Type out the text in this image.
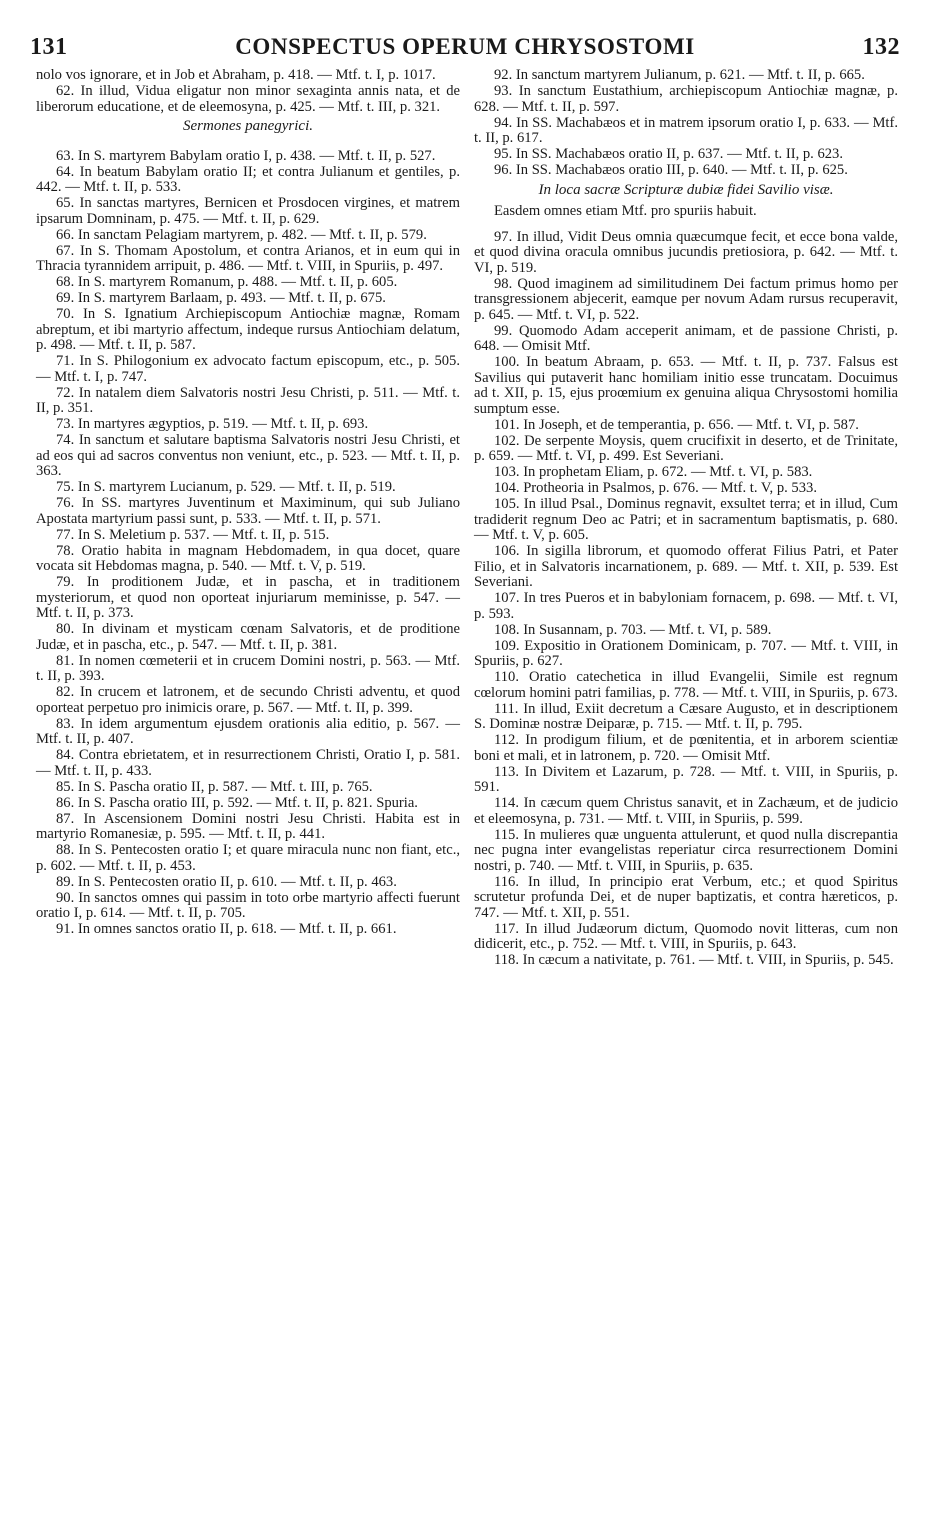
131	CONSPECTUS OPERUM CHRYSOSTOMI	132

nolo vos ignorare, et in Job et Abraham, p. 418. — Mtf. t. I, p. 1017.

62. In illud, Vidua eligatur non minor sexaginta annis nata, et de liberorum educatione, et de eleemosyna, p. 425. — Mtf. t. III, p. 321.

Sermones panegyrici.

63. In S. martyrem Babylam oratio I, p. 438. — Mtf. t. II, p. 527.

64. In beatum Babylam oratio II; et contra Julianum et gentiles, p. 442. — Mtf. t. II, p. 533.

65. In sanctas martyres, Bernicen et Prosdocen virgines, et matrem ipsarum Domninam, p. 475. — Mtf. t. II, p. 629.

66. In sanctam Pelagiam martyrem, p. 482. — Mtf. t. II, p. 579.

67. In S. Thomam Apostolum, et contra Arianos, et in eum qui in Thracia tyrannidem arripuit, p. 486. — Mtf. t. VIII, in Spuriis, p. 497.

68. In S. martyrem Romanum, p. 488. — Mtf. t. II, p. 605.

69. In S. martyrem Barlaam, p. 493. — Mtf. t. II, p. 675.

70. In S. Ignatium Archiepiscopum Antiochiæ magnæ, Romam abreptum, et ibi martyrio affectum, indeque rursus Antiochiam delatum, p. 498. — Mtf. t. II, p. 587.

71. In S. Philogonium ex advocato factum episcopum, etc., p. 505. — Mtf. t. I, p. 747.

72. In natalem diem Salvatoris nostri Jesu Christi, p. 511. — Mtf. t. II, p. 351.

73. In martyres ægyptios, p. 519. — Mtf. t. II, p. 693.

74. In sanctum et salutare baptisma Salvatoris nostri Jesu Christi, et ad eos qui ad sacros conventus non veniunt, etc., p. 523. — Mtf. t. II, p. 363.

75. In S. martyrem Lucianum, p. 529. — Mtf. t. II, p. 519.

76. In SS. martyres Juventinum et Maximinum, qui sub Juliano Apostata martyrium passi sunt, p. 533. — Mtf. t. II, p. 571.

77. In S. Meletium p. 537. — Mtf. t. II, p. 515.

78. Oratio habita in magnam Hebdomadem, in qua docet, quare vocata sit Hebdomas magna, p. 540. — Mtf. t. V, p. 519.

79. In proditionem Judæ, et in pascha, et in traditionem mysteriorum, et quod non oporteat injuriarum meminisse, p. 547. — Mtf. t. II, p. 373.

80. In divinam et mysticam cœnam Salvatoris, et de proditione Judæ, et in pascha, etc., p. 547. — Mtf. t. II, p. 381.

81. In nomen cœmeterii et in crucem Domini nostri, p. 563. — Mtf. t. II, p. 393.

82. In crucem et latronem, et de secundo Christi adventu, et quod oporteat perpetuo pro inimicis orare, p. 567. — Mtf. t. II, p. 399.

83. In idem argumentum ejusdem orationis alia editio, p. 567. — Mtf. t. II, p. 407.

84. Contra ebrietatem, et in resurrectionem Christi, Oratio I, p. 581. — Mtf. t. II, p. 433.

85. In S. Pascha oratio II, p. 587. — Mtf. t. III, p. 765.

86. In S. Pascha oratio III, p. 592. — Mtf. t. II, p. 821. Spuria.

87. In Ascensionem Domini nostri Jesu Christi. Habita est in martyrio Romanesiæ, p. 595. — Mtf. t. II, p. 441.

88. In S. Pentecosten oratio I; et quare miracula nunc non fiant, etc., p. 602. — Mtf. t. II, p. 453.

89. In S. Pentecosten oratio II, p. 610. — Mtf. t. II, p. 463.

90. In sanctos omnes qui passim in toto orbe martyrio affecti fuerunt oratio I, p. 614. — Mtf. t. II, p. 705.

91. In omnes sanctos oratio II, p. 618. — Mtf. t. II, p. 661.

92. In sanctum martyrem Julianum, p. 621. — Mtf. t. II, p. 665.

93. In sanctum Eustathium, archiepiscopum Antiochiæ magnæ, p. 628. — Mtf. t. II, p. 597.

94. In SS. Machabæos et in matrem ipsorum oratio I, p. 633. — Mtf. t. II, p. 617.

95. In SS. Machabæos oratio II, p. 637. — Mtf. t. II, p. 623.

96. In SS. Machabæos oratio III, p. 640. — Mtf. t. II, p. 625.

In loca sacræ Scripturæ dubiæ fidei Savilio visæ.

Easdem omnes etiam Mtf. pro spuriis habuit.

97. In illud, Vidit Deus omnia quæcumque fecit, et ecce bona valde, et quod divina oracula omnibus jucundis pretiosiora, p. 642. — Mtf. t. VI, p. 519.

98. Quod imaginem ad similitudinem Dei factum primus homo per transgressionem abjecerit, eamque per novum Adam rursus recuperavit, p. 645. — Mtf. t. VI, p. 522.

99. Quomodo Adam acceperit animam, et de passione Christi, p. 648. — Omisit Mtf.

100. In beatum Abraam, p. 653. — Mtf. t. II, p. 737. Falsus est Savilius qui putaverit hanc homiliam initio esse truncatam. Docuimus ad t. XII, p. 15, ejus proœmium ex genuina aliqua Chrysostomi homilia sumptum esse.

101. In Joseph, et de temperantia, p. 656. — Mtf. t. VI, p. 587.

102. De serpente Moysis, quem crucifixit in deserto, et de Trinitate, p. 659. — Mtf. t. VI, p. 499. Est Severiani.

103. In prophetam Eliam, p. 672. — Mtf. t. VI, p. 583.

104. Protheoria in Psalmos, p. 676. — Mtf. t. V, p. 533.

105. In illud Psal., Dominus regnavit, exsultet terra; et in illud, Cum tradiderit regnum Deo ac Patri; et in sacramentum baptismatis, p. 680. — Mtf. t. V, p. 605.

106. In sigilla librorum, et quomodo offerat Filius Patri, et Pater Filio, et in Salvatoris incarnationem, p. 689. — Mtf. t. XII, p. 539. Est Severiani.

107. In tres Pueros et in babyloniam fornacem, p. 698. — Mtf. t. VI, p. 593.

108. In Susannam, p. 703. — Mtf. t. VI, p. 589.

109. Expositio in Orationem Dominicam, p. 707. — Mtf. t. VIII, in Spuriis, p. 627.

110. Oratio catechetica in illud Evangelii, Simile est regnum cœlorum homini patri familias, p. 778. — Mtf. t. VIII, in Spuriis, p. 673.

111. In illud, Exiit decretum a Cæsare Augusto, et in descriptionem S. Dominæ nostræ Deiparæ, p. 715. — Mtf. t. II, p. 795.

112. In prodigum filium, et de pœnitentia, et in arborem scientiæ boni et mali, et in latronem, p. 720. — Omisit Mtf.

113. In Divitem et Lazarum, p. 728. — Mtf. t. VIII, in Spuriis, p. 591.

114. In cæcum quem Christus sanavit, et in Zachæum, et de judicio et eleemosyna, p. 731. — Mtf. t. VIII, in Spuriis, p. 599.

115. In mulieres quæ unguenta attulerunt, et quod nulla discrepantia nec pugna inter evangelistas reperiatur circa resurrectionem Domini nostri, p. 740. — Mtf. t. VIII, in Spuriis, p. 635.

116. In illud, In principio erat Verbum, etc.; et quod Spiritus scrutetur profunda Dei, et de nuper baptizatis, et contra hæreticos, p. 747. — Mtf. t. XII, p. 551.

117. In illud Judæorum dictum, Quomodo novit litteras, cum non didicerit, etc., p. 752. — Mtf. t. VIII, in Spuriis, p. 643.

118. In cæcum a nativitate, p. 761. — Mtf. t. VIII, in Spuriis, p. 545.
